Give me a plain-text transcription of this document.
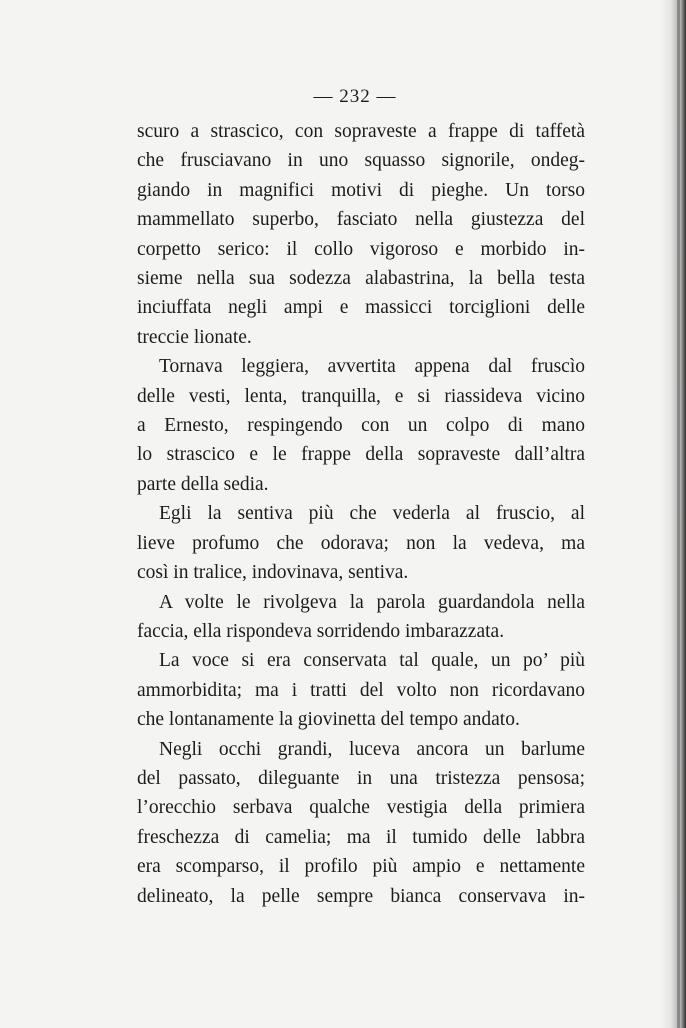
— 232 —
scuro a strascico, con sopraveste a frappe di taffetà
che frusciavano in uno squasso signorile, ondeg-
giando in magnifici motivi di pieghe. Un torso
mammellato superbo, fasciato nella giustezza del
corpetto serico: il collo vigoroso e morbido in-
sieme nella sua sodezza alabastrina, la bella testa
inciuffata negli ampi e massicci torciglioni delle
treccie lionate.
Tornava leggiera, avvertita appena dal fruscìo
delle vesti, lenta, tranquilla, e si riassideva vicino
a Ernesto, respingendo con un colpo di mano
lo strascico e le frappe della sopraveste dall’altra
parte della sedia.
Egli la sentiva più che vederla al fruscio, al
lieve profumo che odorava; non la vedeva, ma
così in tralice, indovinava, sentiva.
A volte le rivolgeva la parola guardandola nella
faccia, ella rispondeva sorridendo imbarazzata.
La voce si era conservata tal quale, un po’ più
ammorbidita; ma i tratti del volto non ricordavano
che lontanamente la giovinetta del tempo andato.
Negli occhi grandi, luceva ancora un barlume
del passato, dileguante in una tristezza pensosa;
l’orecchio serbava qualche vestigia della primiera
freschezza di camelia; ma il tumido delle labbra
era scomparso, il profilo più ampio e nettamente
delineato, la pelle sempre bianca conservava in-
